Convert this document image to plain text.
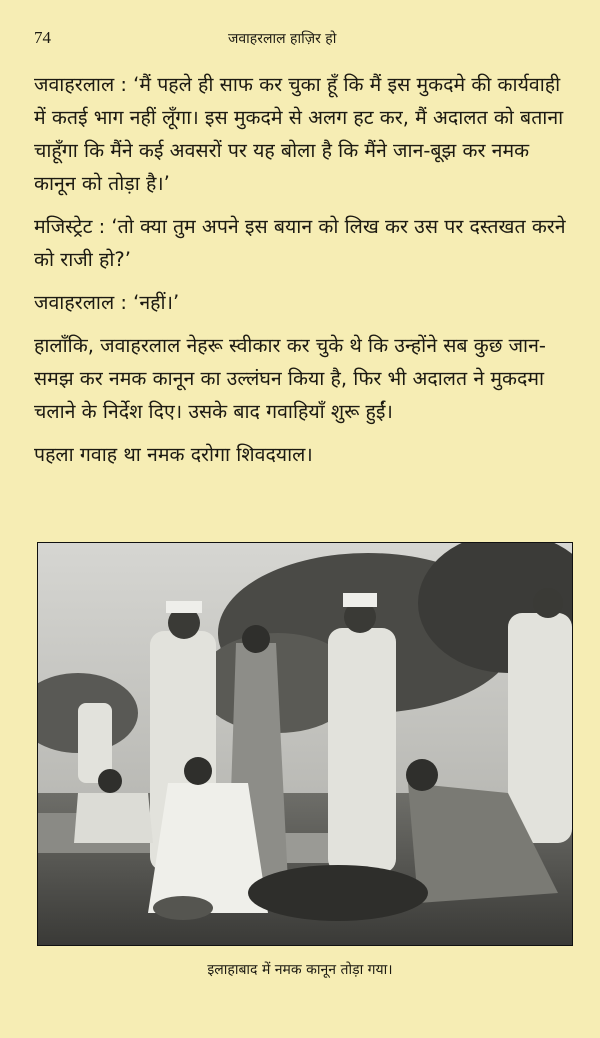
74	जवाहरलाल हाज़िर हो

जवाहरलाल : ‘मैं पहले ही साफ कर चुका हूँ कि मैं इस मुकदमे की कार्यवाही में कतई भाग नहीं लूँगा। इस मुकदमे से अलग हट कर, मैं अदालत को बताना चाहूँगा कि मैंने कई अवसरों पर यह बोला है कि मैंने जान-बूझ कर नमक कानून को तोड़ा है।’

मजिस्ट्रेट : ‘तो क्या तुम अपने इस बयान को लिख कर उस पर दस्तखत करने को राजी हो?’

जवाहरलाल : ‘नहीं।’

हालाँकि, जवाहरलाल नेहरू स्वीकार कर चुके थे कि उन्होंने सब कुछ जान-समझ कर नमक कानून का उल्लंघन किया है, फिर भी अदालत ने मुकदमा चलाने के निर्देश दिए। उसके बाद गवाहियाँ शुरू हुईं।

पहला गवाह था नमक दरोगा शिवदयाल।

इलाहाबाद में नमक कानून तोड़ा गया।
